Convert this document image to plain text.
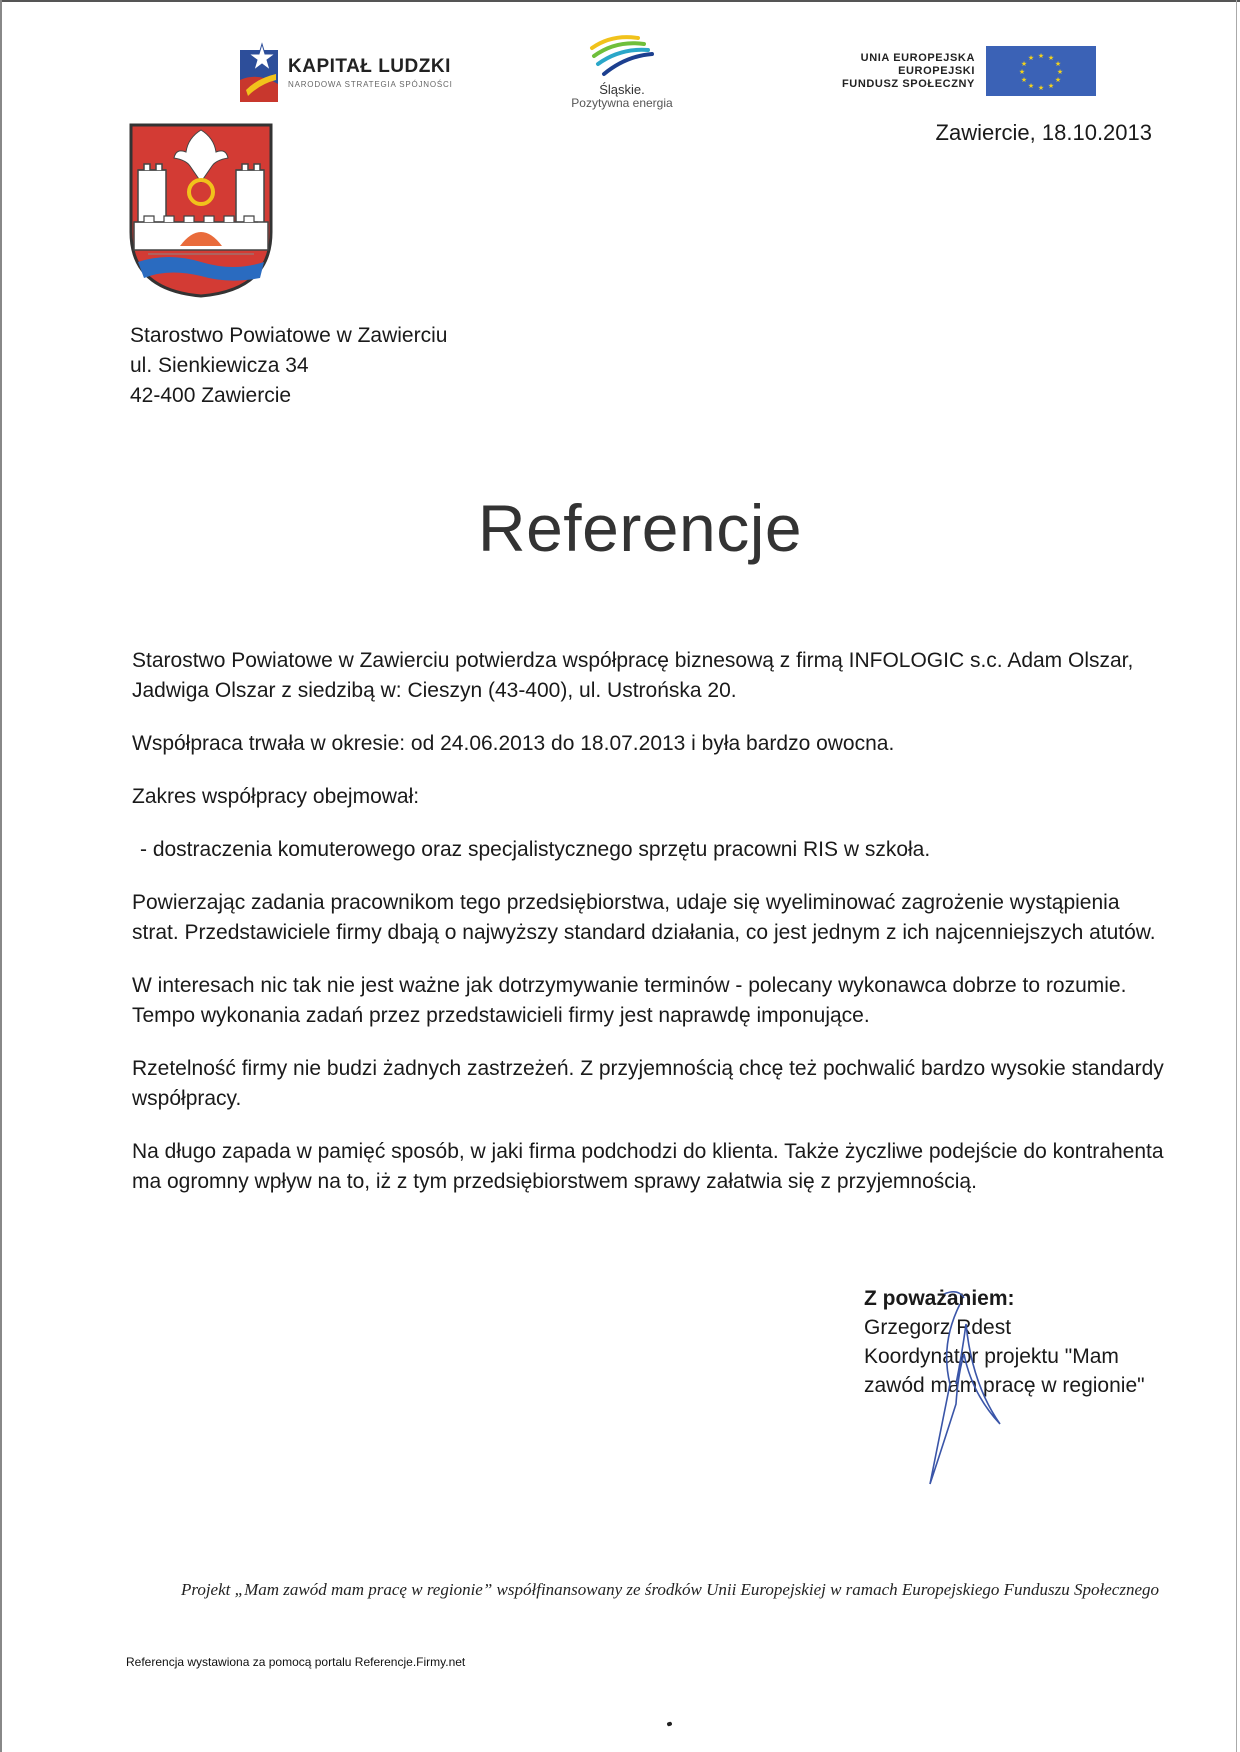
KAPITAŁ LUDZKI
NARODOWA STRATEGIA SPÓJNOŚCI	Śląskie.
Pozytywna energia
UNIA EUROPEJSKA
EUROPEJSKI
FUNDUSZ SPOŁECZNY
★ ★
★
★
★
★
★
★
★
★
★
★
Zawiercie, 18.10.2013
Starostwo Powiatowe w Zawierciu
ul. Sienkiewicza 34
42-400 Zawiercie
Referencje

Starostwo Powiatowe w Zawierciu potwierdza współpracę biznesową z firmą INFOLOGIC s.c. Adam Olszar, Jadwiga Olszar z siedzibą w: Cieszyn (43-400), ul. Ustrońska 20.

Współpraca trwała w okresie: od 24.06.2013 do 18.07.2013 i była bardzo owocna.

Zakres współpracy obejmował:

- dostraczenia komuterowego oraz specjalistycznego sprzętu pracowni RIS w szkoła.

Powierzając zadania pracownikom tego przedsiębiorstwa, udaje się wyeliminować zagrożenie wystąpienia strat. Przedstawiciele firmy dbają o najwyższy standard działania, co jest jednym z ich najcenniejszych atutów.

W interesach nic tak nie jest ważne jak dotrzymywanie terminów - polecany wykonawca dobrze to rozumie. Tempo wykonania zadań przez przedstawicieli firmy jest naprawdę imponujące.

Rzetelność firmy nie budzi żadnych zastrzeżeń. Z przyjemnością chcę też pochwalić bardzo wysokie standardy współpracy.

Na długo zapada w pamięć sposób, w jaki firma podchodzi do klienta. Także życzliwe podejście do kontrahenta ma ogromny wpływ na to, iż z tym przedsiębiorstwem sprawy załatwia się z przyjemnością.

Z poważaniem:
Grzegorz Rdest
Koordynator projektu "Mam
zawód mam pracę w regionie"
Projekt „Mam zawód mam pracę w regionie” współfinansowany ze środków Unii Europejskiej w ramach Europejskiego Funduszu Społecznego
Referencja wystawiona za pomocą portalu Referencje.Firmy.net
